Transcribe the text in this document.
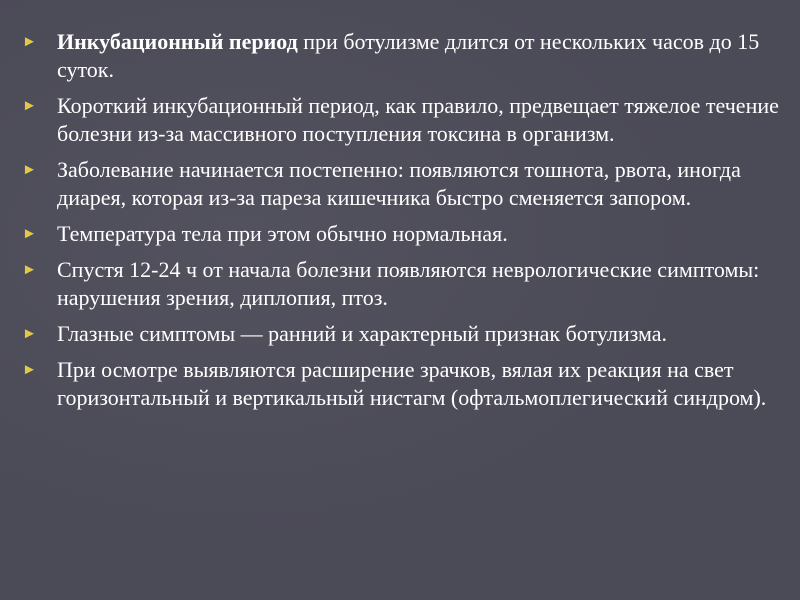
► Инкубационный период при ботулизме длится от нескольких часов до 15 суток.
► Короткий инкубационный период, как правило, предвещает тяжелое течение болезни из-за массивного поступления токсина в организм.
► Заболевание начинается постепенно: появляются тошнота, рвота, иногда диарея, которая из-за пареза кишечника быстро сменяется запором.
► Температура тела при этом обычно нормальная.
► Спустя 12-24 ч от начала болезни появляются неврологические симптомы: нарушения зрения, диплопия, птоз.
► Глазные симптомы — ранний и характерный признак ботулизма.
► При осмотре выявляются расширение зрачков, вялая их реакция на свет горизонтальный и вертикальный нистагм (офтальмоплегический синдром).
